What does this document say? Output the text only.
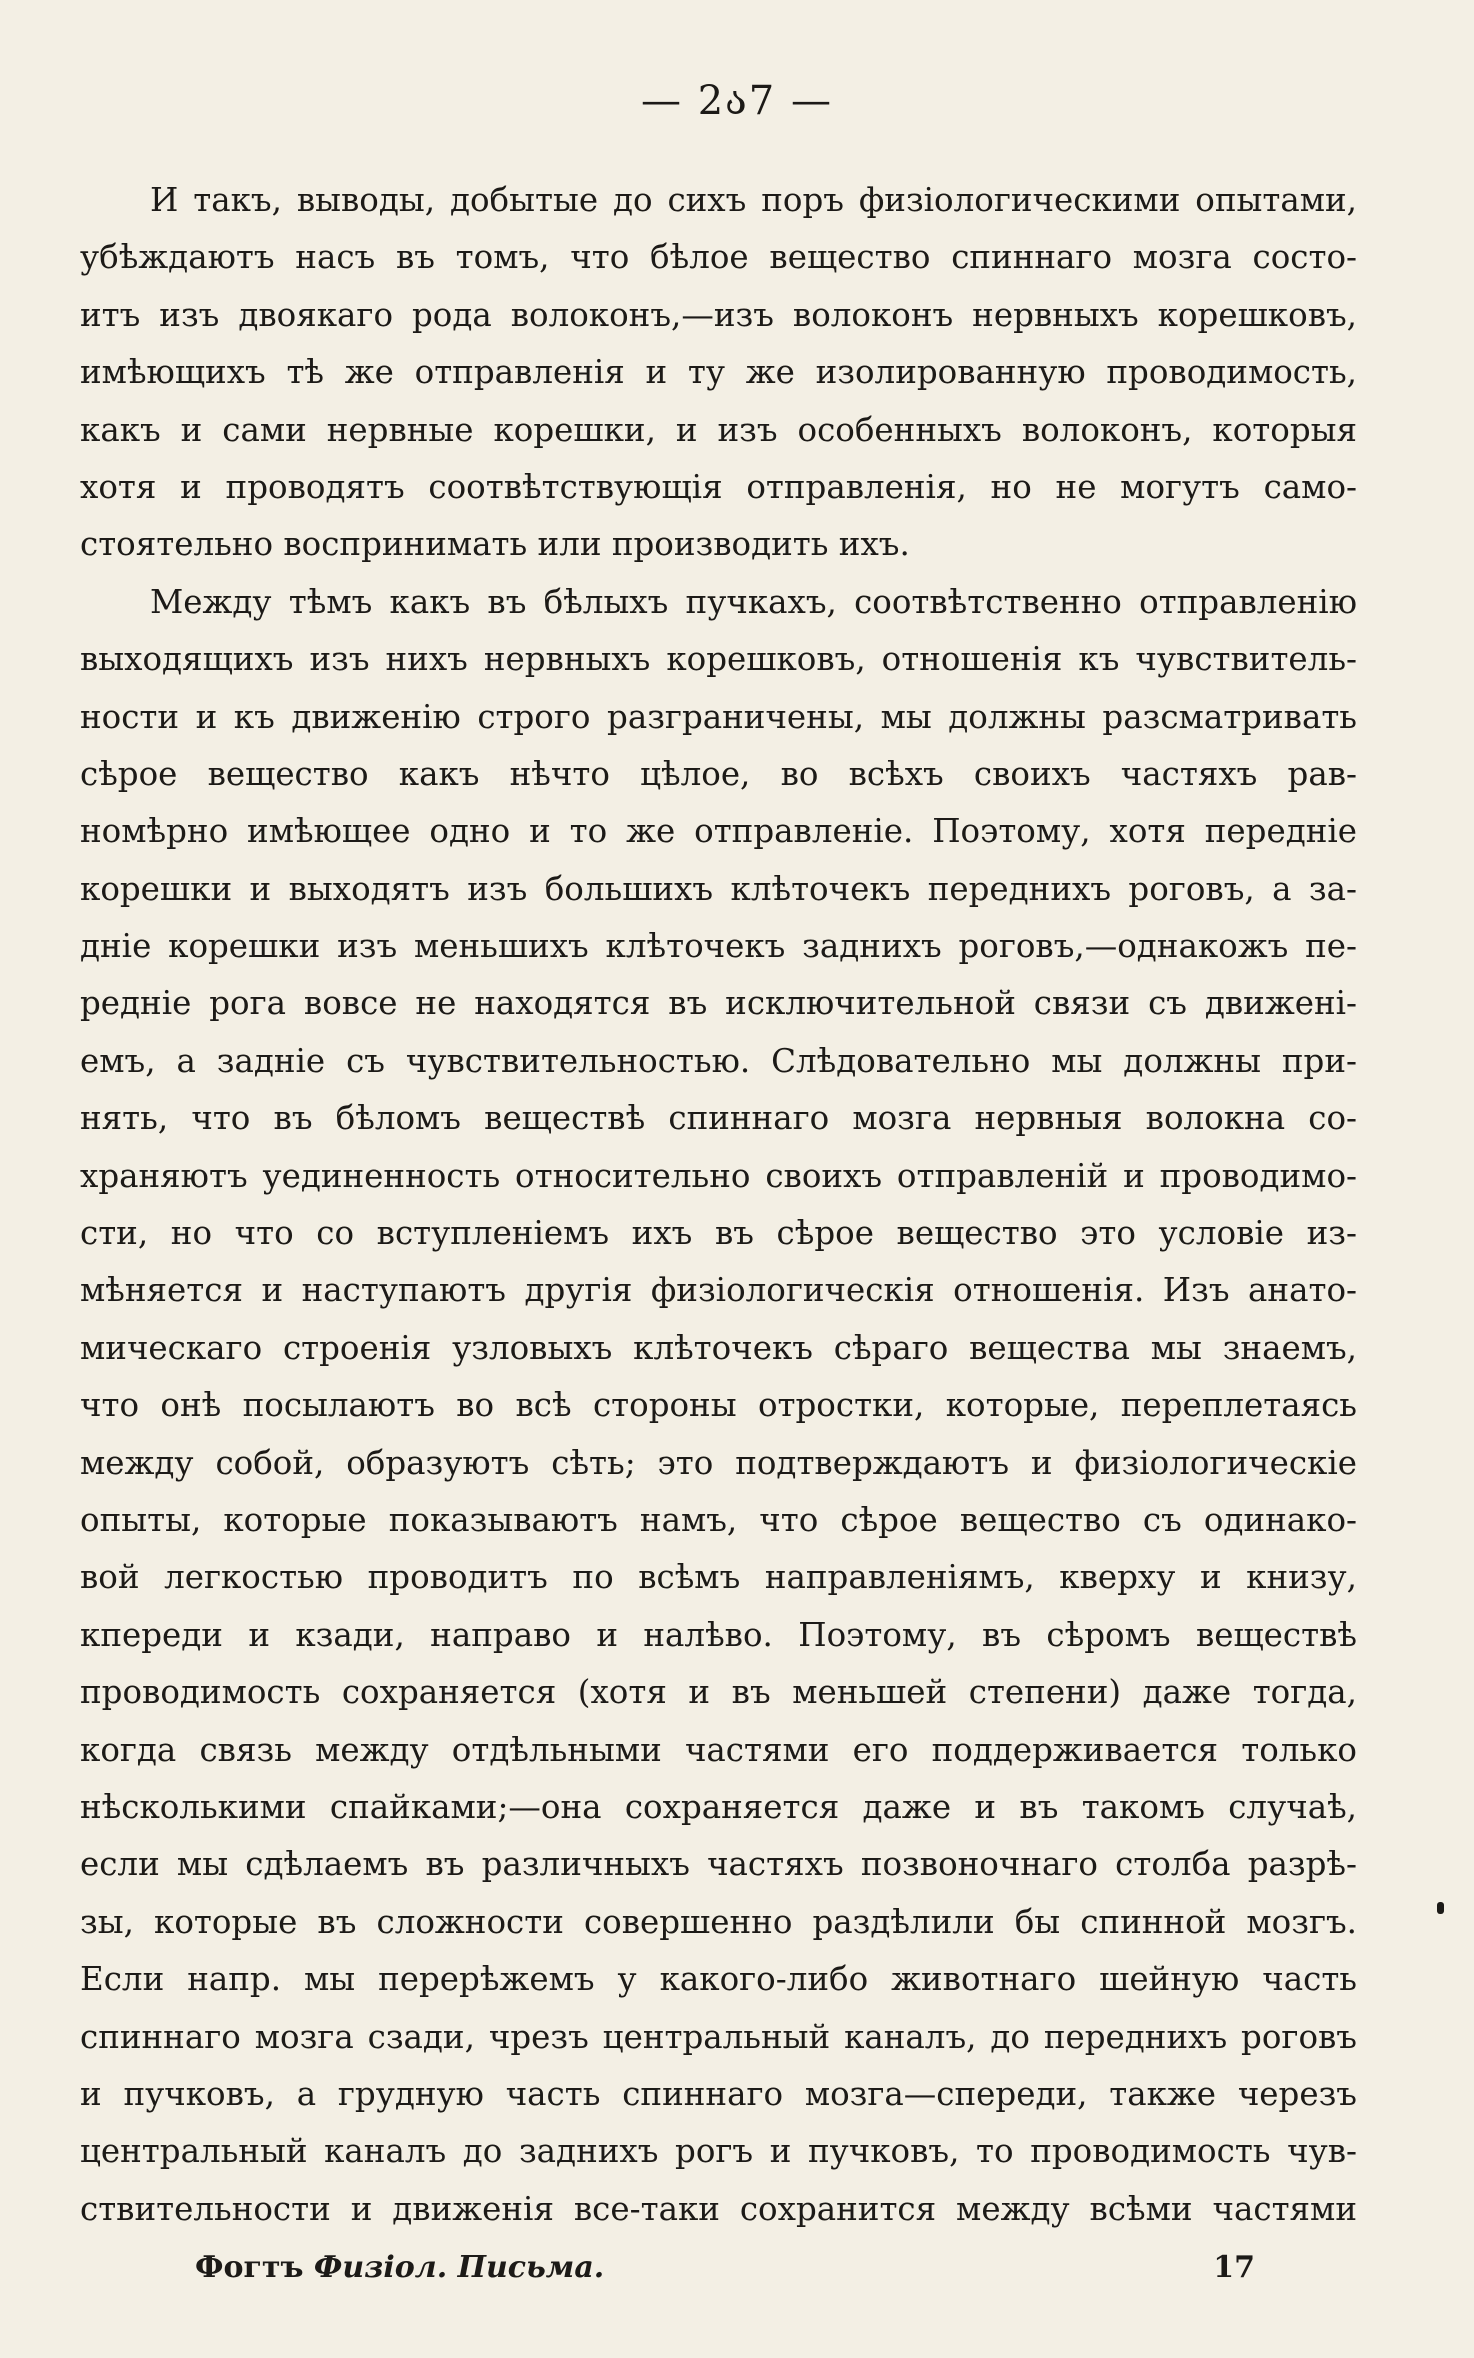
— 2ა7 —
И такъ, выводы, добытые до сихъ поръ физіологическими опытами,
убѣждаютъ насъ въ томъ, что бѣлое вещество спиннаго мозга состо-
итъ изъ двоякаго рода волоконъ,—изъ волоконъ нервныхъ корешковъ,
имѣющихъ тѣ же отправленія и ту же изолированную проводимость,
какъ и сами нервные корешки, и изъ особенныхъ волоконъ, которыя
хотя и проводятъ соотвѣтствующія отправленія, но не могутъ само-
стоятельно воспринимать или производить ихъ.
Между тѣмъ какъ въ бѣлыхъ пучкахъ, соотвѣтственно отправленію
выходящихъ изъ нихъ нервныхъ корешковъ, отношенія къ чувствитель-
ности и къ движенію строго разграничены, мы должны разсматривать
сѣрое вещество какъ нѣчто цѣлое, во всѣхъ своихъ частяхъ рав-
номѣрно имѣющее одно и то же отправленіе. Поэтому, хотя передніе
корешки и выходятъ изъ большихъ клѣточекъ переднихъ роговъ, а за-
дніе корешки изъ меньшихъ клѣточекъ заднихъ роговъ,—однакожъ пе-
редніе рога вовсе не находятся въ исключительной связи съ движені-
емъ, а задніе съ чувствительностью. Слѣдовательно мы должны при-
нять, что въ бѣломъ веществѣ спиннаго мозга нервныя волокна со-
храняютъ уединенность относительно своихъ отправленій и проводимо-
сти, но что со вступленіемъ ихъ въ сѣрое вещество это условіе из-
мѣняется и наступаютъ другія физіологическія отношенія. Изъ анато-
мическаго строенія узловыхъ клѣточекъ сѣраго вещества мы знаемъ,
что онѣ посылаютъ во всѣ стороны отростки, которые, переплетаясь
между собой, образуютъ сѣть; это подтверждаютъ и физіологическіе
опыты, которые показываютъ намъ, что сѣрое вещество съ одинако-
вой легкостью проводитъ по всѣмъ направленіямъ, кверху и книзу,
кпереди и кзади, направо и налѣво. Поэтому, въ сѣромъ веществѣ
проводимость сохраняется (хотя и въ меньшей степени) даже тогда,
когда связь между отдѣльными частями его поддерживается только
нѣсколькими спайками;—она сохраняется даже и въ такомъ случаѣ,
если мы сдѣлаемъ въ различныхъ частяхъ позвоночнаго столба разрѣ-
зы, которые въ сложности совершенно раздѣлили бы спинной мозгъ.
Если напр. мы перерѣжемъ у какого-либо животнаго шейную часть
спиннаго мозга сзади, чрезъ центральный каналъ, до переднихъ роговъ
и пучковъ, а грудную часть спиннаго мозга—спереди, также черезъ
центральный каналъ до заднихъ рогъ и пучковъ, то проводимость чув-
ствительности и движенія все-таки сохранится между всѣми частями
Фогтъ Физіол. Письма.	17
